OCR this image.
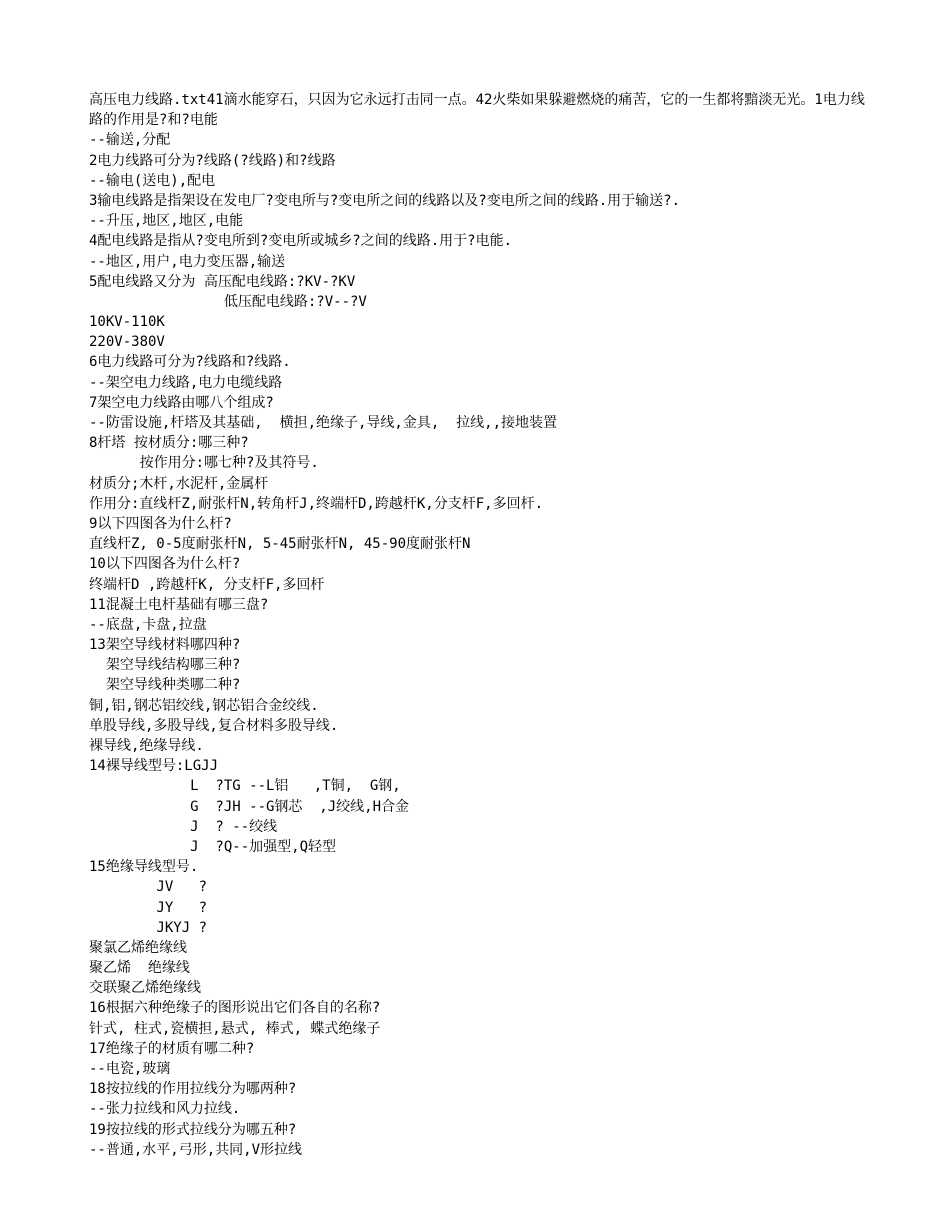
高压电力线路.txt41滴水能穿石，只因为它永远打击同一点。42火柴如果躲避燃烧的痛苦，它的一生都将黯淡无光。1电力线路的作用是?和?电能
--输送,分配
2电力线路可分为?线路(?线路)和?线路
--输电(送电),配电
3输电线路是指架设在发电厂?变电所与?变电所之间的线路以及?变电所之间的线路.用于输送?.
--升压,地区,地区,电能
4配电线路是指从?变电所到?变电所或城乡?之间的线路.用于?电能.
--地区,用户,电力变压器,输送
5配电线路又分为 高压配电线路:?KV-?KV
低压配电线路:?V--?V
10KV-110K
220V-380V
6电力线路可分为?线路和?线路.
--架空电力线路,电力电缆线路
7架空电力线路由哪八个组成?
--防雷设施,杆塔及其基础,  横担,绝缘子,导线,金具,  拉线,,接地装置
8杆塔 按材质分:哪三种?
按作用分:哪七种?及其符号.
材质分;木杆,水泥杆,金属杆
作用分:直线杆Z,耐张杆N,转角杆J,终端杆D,跨越杆K,分支杆F,多回杆.
9以下四图各为什么杆?
直线杆Z, 0-5度耐张杆N, 5-45耐张杆N, 45-90度耐张杆N
10以下四图各为什么杆?
终端杆D ,跨越杆K, 分支杆F,多回杆
11混凝土电杆基础有哪三盘?
--底盘,卡盘,拉盘
13架空导线材料哪四种?
架空导线结构哪三种?
架空导线种类哪二种?
铜,铝,钢芯铝绞线,钢芯铝合金绞线.
单股导线,多股导线,复合材料多股导线.
裸导线,绝缘导线.
14裸导线型号:LGJJ
L  ?TG --L铝   ,T铜,  G钢,
G  ?JH --G钢芯  ,J绞线,H合金
J  ? --绞线
J  ?Q--加强型,Q轻型
15绝缘导线型号.
JV   ?
JY   ?
JKYJ ?
聚氯乙烯绝缘线
聚乙烯  绝缘线
交联聚乙烯绝缘线
16根据六种绝缘子的图形说出它们各自的名称?
针式, 柱式,瓷横担,悬式, 棒式, 蝶式绝缘子
17绝缘子的材质有哪二种?
--电瓷,玻璃
18按拉线的作用拉线分为哪两种?
--张力拉线和风力拉线.
19按拉线的形式拉线分为哪五种?
--普通,水平,弓形,共同,V形拉线
